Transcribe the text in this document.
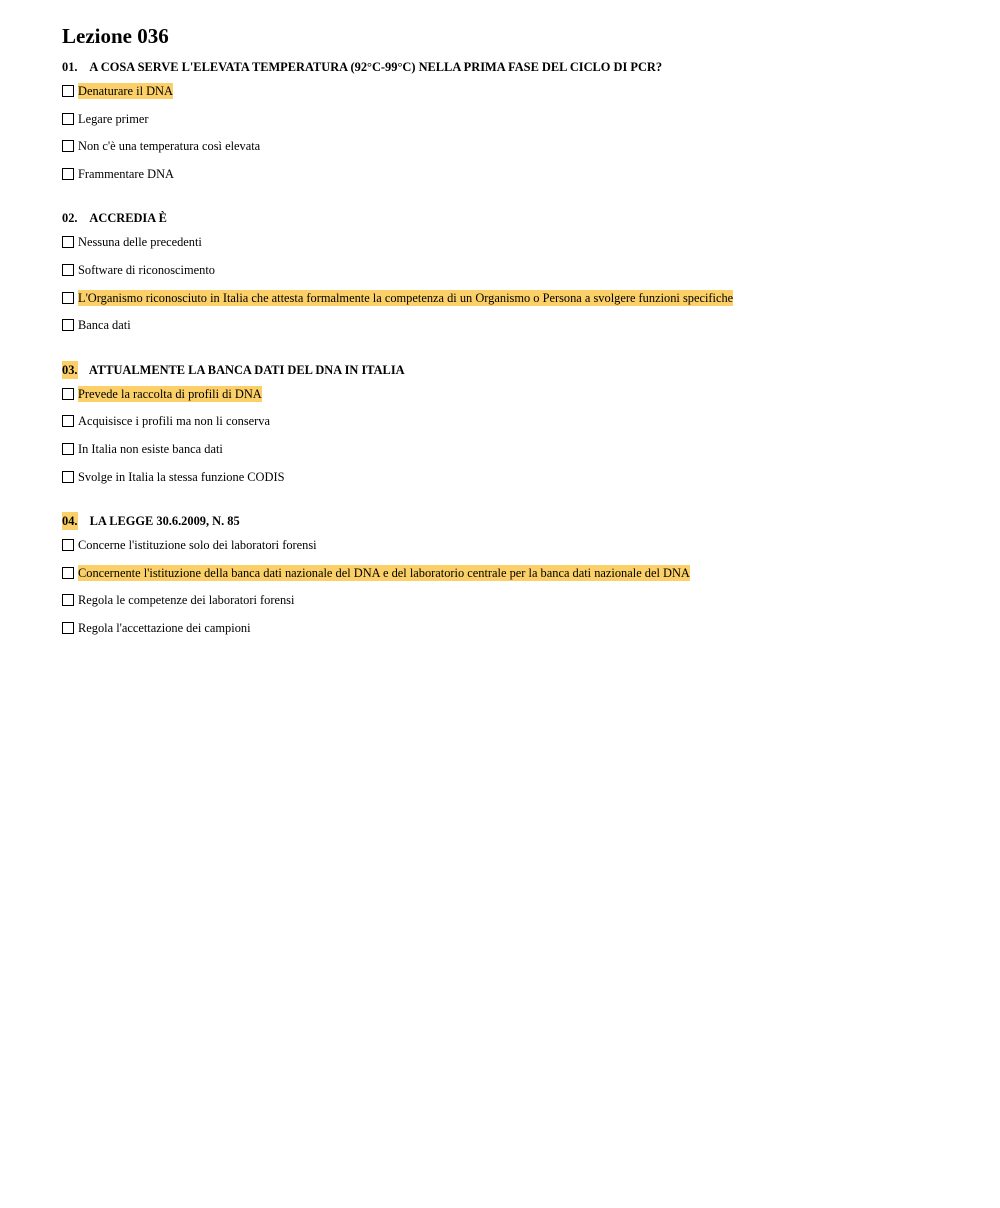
Lezione 036
01. A COSA SERVE L'ELEVATA TEMPERATURA (92°C-99°C) NELLA PRIMA FASE DEL CICLO DI PCR?
Denaturare il DNA
Legare primer
Non c'è una temperatura così elevata
Frammentare DNA
02. ACCREDIA È
Nessuna delle precedenti
Software di riconoscimento
L'Organismo riconosciuto in Italia che attesta formalmente la competenza di un Organismo o Persona a svolgere funzioni specifiche
Banca dati
03. ATTUALMENTE LA BANCA DATI DEL DNA IN ITALIA
Prevede la raccolta di profili di DNA
Acquisisce i profili ma non li conserva
In Italia non esiste banca dati
Svolge in Italia la stessa funzione CODIS
04. LA LEGGE 30.6.2009, N. 85
Concerne l'istituzione solo dei laboratori forensi
Concernente l'istituzione della banca dati nazionale del DNA e del laboratorio centrale per la banca dati nazionale del DNA
Regola le competenze dei laboratori forensi
Regola l'accettazione dei campioni
